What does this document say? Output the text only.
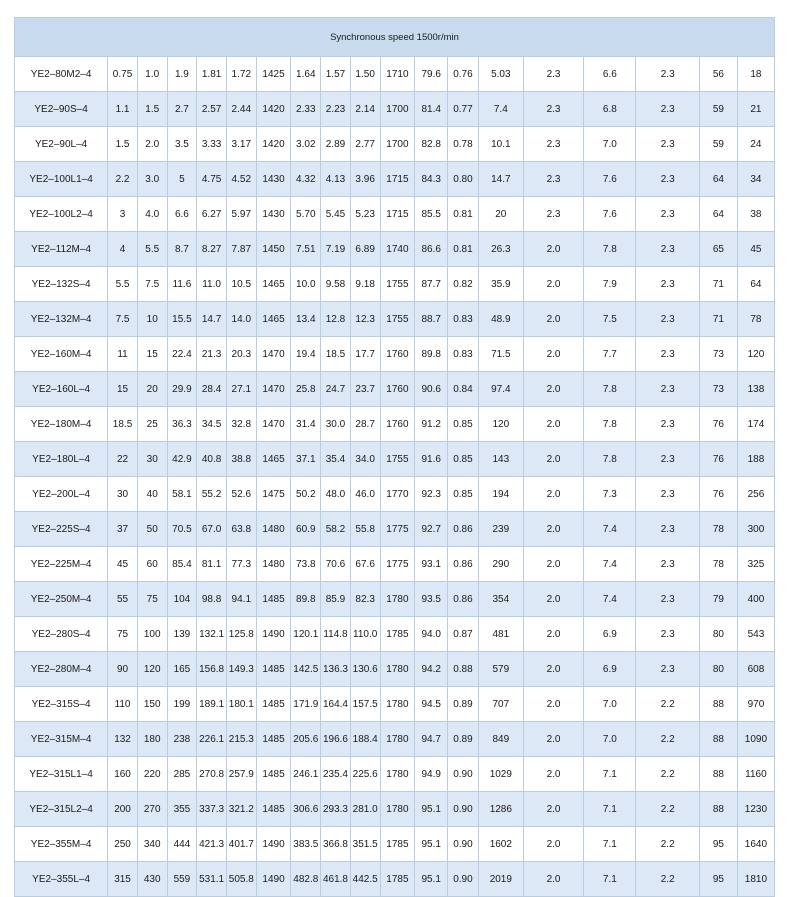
Synchronous speed 1500r/min																		
YE2–80M2–4	0.75	1.0	1.9	1.81	1.72	1425	1.64	1.57	1.50	1710	79.6	0.76	5.03	2.3	6.6	2.3	56	18
YE2–90S–4	1.1	1.5	2.7	2.57	2.44	1420	2.33	2.23	2.14	1700	81.4	0.77	7.4	2.3	6.8	2.3	59	21
YE2–90L–4	1.5	2.0	3.5	3.33	3.17	1420	3.02	2.89	2.77	1700	82.8	0.78	10.1	2.3	7.0	2.3	59	24
YE2–100L1–4	2.2	3.0	5	4.75	4.52	1430	4.32	4.13	3.96	1715	84.3	0.80	14.7	2.3	7.6	2.3	64	34
YE2–100L2–4	3	4.0	6.6	6.27	5.97	1430	5.70	5.45	5.23	1715	85.5	0.81	20	2.3	7.6	2.3	64	38
YE2–112M–4	4	5.5	8.7	8.27	7.87	1450	7.51	7.19	6.89	1740	86.6	0.81	26.3	2.0	7.8	2.3	65	45
YE2–132S–4	5.5	7.5	11.6	11.0	10.5	1465	10.0	9.58	9.18	1755	87.7	0.82	35.9	2.0	7.9	2.3	71	64
YE2–132M–4	7.5	10	15.5	14.7	14.0	1465	13.4	12.8	12.3	1755	88.7	0.83	48.9	2.0	7.5	2.3	71	78
YE2–160M–4	11	15	22.4	21.3	20.3	1470	19.4	18.5	17.7	1760	89.8	0.83	71.5	2.0	7.7	2.3	73	120
YE2–160L–4	15	20	29.9	28.4	27.1	1470	25.8	24.7	23.7	1760	90.6	0.84	97.4	2.0	7.8	2.3	73	138
YE2–180M–4	18.5	25	36.3	34.5	32.8	1470	31.4	30.0	28.7	1760	91.2	0.85	120	2.0	7.8	2.3	76	174
YE2–180L–4	22	30	42.9	40.8	38.8	1465	37.1	35.4	34.0	1755	91.6	0.85	143	2.0	7.8	2.3	76	188
YE2–200L–4	30	40	58.1	55.2	52.6	1475	50.2	48.0	46.0	1770	92.3	0.85	194	2.0	7.3	2.3	76	256
YE2–225S–4	37	50	70.5	67.0	63.8	1480	60.9	58.2	55.8	1775	92.7	0.86	239	2.0	7.4	2.3	78	300
YE2–225M–4	45	60	85.4	81.1	77.3	1480	73.8	70.6	67.6	1775	93.1	0.86	290	2.0	7.4	2.3	78	325
YE2–250M–4	55	75	104	98.8	94.1	1485	89.8	85.9	82.3	1780	93.5	0.86	354	2.0	7.4	2.3	79	400
YE2–280S–4	75	100	139	132.1	125.8	1490	120.1	114.8	110.0	1785	94.0	0.87	481	2.0	6.9	2.3	80	543
YE2–280M–4	90	120	165	156.8	149.3	1485	142.5	136.3	130.6	1780	94.2	0.88	579	2.0	6.9	2.3	80	608
YE2–315S–4	110	150	199	189.1	180.1	1485	171.9	164.4	157.5	1780	94.5	0.89	707	2.0	7.0	2.2	88	970
YE2–315M–4	132	180	238	226.1	215.3	1485	205.6	196.6	188.4	1780	94.7	0.89	849	2.0	7.0	2.2	88	1090
YE2–315L1–4	160	220	285	270.8	257.9	1485	246.1	235.4	225.6	1780	94.9	0.90	1029	2.0	7.1	2.2	88	1160
YE2–315L2–4	200	270	355	337.3	321.2	1485	306.6	293.3	281.0	1780	95.1	0.90	1286	2.0	7.1	2.2	88	1230
YE2–355M–4	250	340	444	421.3	401.7	1490	383.5	366.8	351.5	1785	95.1	0.90	1602	2.0	7.1	2.2	95	1640
YE2–355L–4	315	430	559	531.1	505.8	1490	482.8	461.8	442.5	1785	95.1	0.90	2019	2.0	7.1	2.2	95	1810
